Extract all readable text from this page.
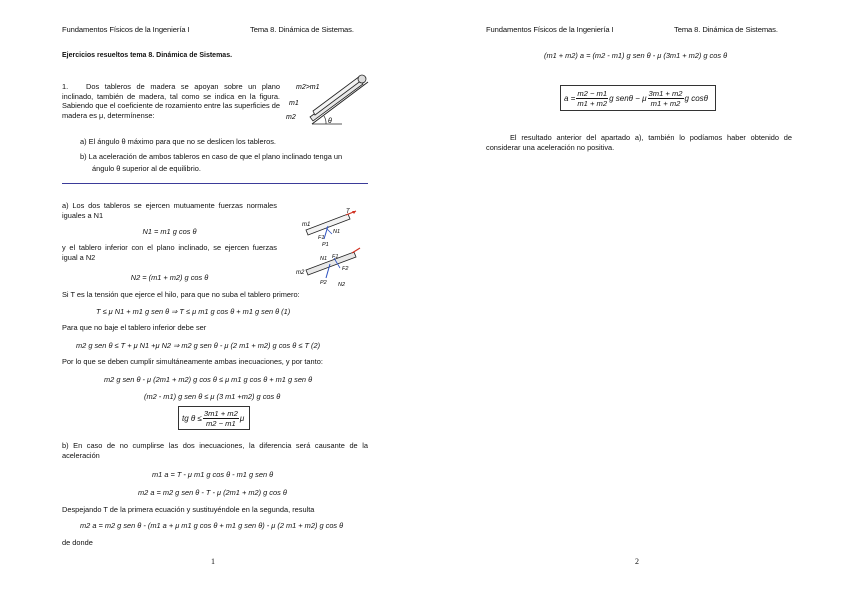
Fundamentos Físicos de la Ingeniería I	Tema 8. Dinámica de Sistemas.
Ejercicios resueltos tema 8. Dinámica de Sistemas.
1.	Dos tableros de madera se apoyan sobre un plano inclinado, también de madera, tal como se indica en la figura. Sabiendo que el coeficiente de rozamiento entre las superficies de madera es μ, determínense:
m2>m1
m1
m2
θ
a) El ángulo θ máximo para que no se deslicen los tableros.
b) La aceleración de ambos tableros en caso de que el plano inclinado tenga un
ángulo θ superior al de equilibrio.
a) Los dos tableros se ejercen mutuamente fuerzas normales iguales a N1
N1 = m1 g cos θ
y el tablero inferior con el plano inclinado, se ejercen fuerzas igual a N2
N2 = (m1 + m2) g cos θ
m1
T
N1
F1
P1
m2
N1 F1
F2
P2 N2
Si T es la tensión que ejerce el hilo, para que no suba el tablero primero:
T ≤ μ N1 + m1 g sen θ ⇒ T ≤ μ m1 g cos θ + m1 g sen θ (1)
Para que no baje el tablero inferior debe ser
m2 g sen θ ≤ T + μ N1 +μ N2 ⇒ m2 g sen θ - μ (2 m1 + m2) g cos θ ≤ T (2)
Por lo que se deben cumplir simultáneamente ambas inecuaciones, y por tanto:
m2 g sen θ - μ (2m1 + m2) g cos θ ≤ μ m1 g cos θ + m1 g sen θ
(m2 - m1) g sen θ ≤ μ (3 m1 +m2) g cos θ
tg $\theta \le \frac{3m1 + m2}{m2 - m1}$ μ
b) En caso de no cumplirse las dos inecuaciones, la diferencia será causante de la aceleración
m1 a = T - μ m1 g cos θ - m1 g sen θ
m2 a = m2 g sen θ - T - μ (2m1 + m2) g cos θ
Despejando T de la primera ecuación y sustituyéndole en la segunda, resulta
m2 a = m2 g sen θ - (m1 a + μ m1 g cos θ + m1 g sen θ) - μ (2 m1 + m2) g cos θ
de donde
1
Fundamentos Físicos de la Ingeniería I	Tema 8. Dinámica de Sistemas.
(m1 + m2) a = (m2 - m1) g sen θ - μ (3m1 + m2) g cos θ
$a = \frac{m2 - m1}{m1 + m2}$ g senθ − μ $\frac{3m1 + m2}{m1 + m2}$ g cosθ
El resultado anterior del apartado a), también lo podíamos haber obtenido de considerar una aceleración no positiva.
2
